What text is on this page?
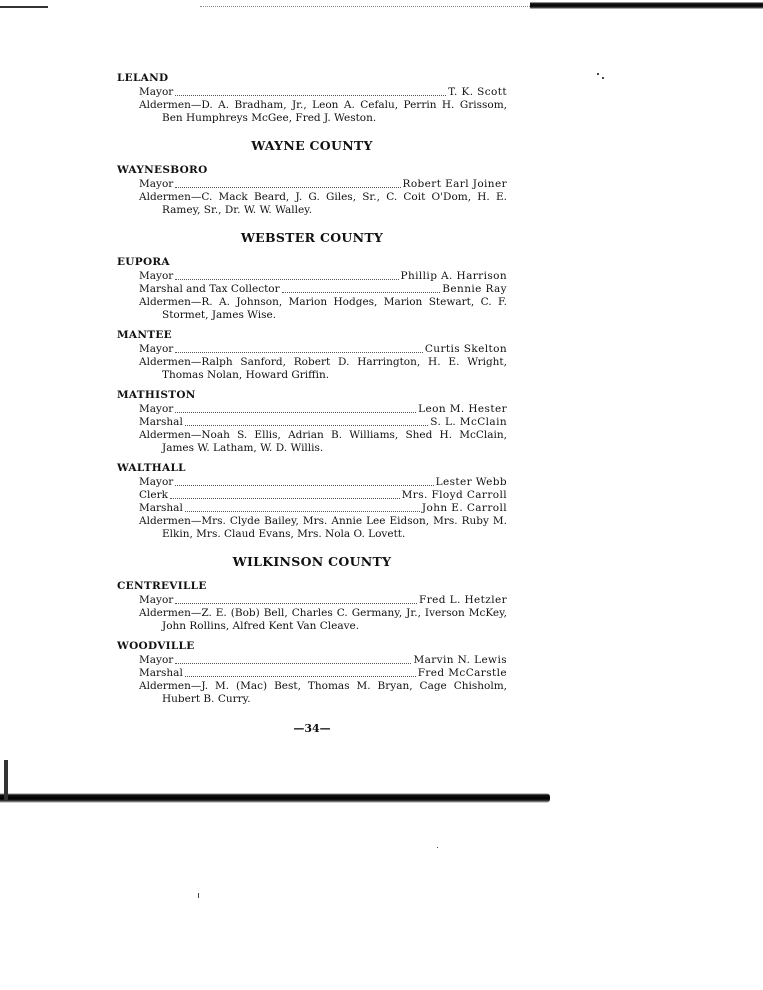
LELAND
Mayor	T. K. Scott
Aldermen—D. A. Bradham, Jr., Leon A. Cefalu, Perrin H. Grissom, Ben Humphreys McGee, Fred J. Weston.
WAYNE COUNTY
WAYNESBORO
Mayor	Robert Earl Joiner
Aldermen—C. Mack Beard, J. G. Giles, Sr., C. Coit O'Dom, H. E. Ramey, Sr., Dr. W. W. Walley.
WEBSTER COUNTY
EUPORA
Mayor	Phillip A. Harrison
Marshal and Tax Collector	Bennie Ray
Aldermen—R. A. Johnson, Marion Hodges, Marion Stewart, C. F. Stormet, James Wise.
MANTEE
Mayor	Curtis Skelton
Aldermen—Ralph Sanford, Robert D. Harrington, H. E. Wright, Thomas Nolan, Howard Griffin.
MATHISTON
Mayor	Leon M. Hester
Marshal	S. L. McClain
Aldermen—Noah S. Ellis, Adrian B. Williams, Shed H. McClain, James W. Latham, W. D. Willis.
WALTHALL
Mayor	Lester Webb
Clerk	Mrs. Floyd Carroll
Marshal	John E. Carroll
Aldermen—Mrs. Clyde Bailey, Mrs. Annie Lee Eidson, Mrs. Ruby M. Elkin, Mrs. Claud Evans, Mrs. Nola O. Lovett.
WILKINSON COUNTY
CENTREVILLE
Mayor	Fred L. Hetzler
Aldermen—Z. E. (Bob) Bell, Charles C. Germany, Jr., Iverson McKey, John Rollins, Alfred Kent Van Cleave.
WOODVILLE
Mayor	Marvin N. Lewis
Marshal	Fred McCarstle
Aldermen—J. M. (Mac) Best, Thomas M. Bryan, Cage Chisholm, Hubert B. Curry.
—34—
